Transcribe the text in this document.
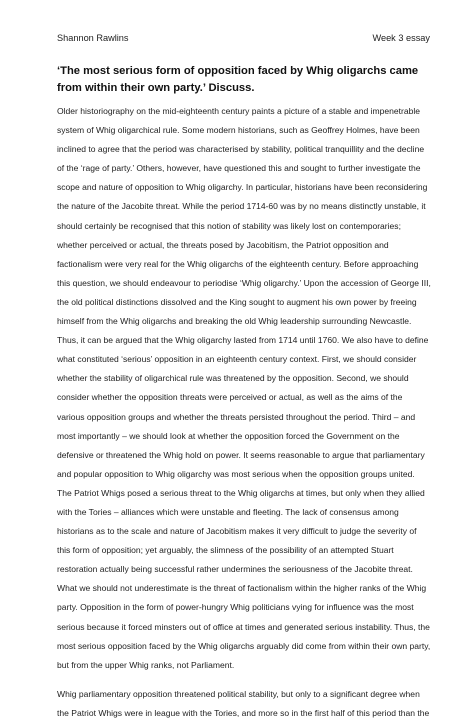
Shannon Rawlins	Week 3 essay
‘The most serious form of opposition faced by Whig oligarchs came from within their own party.’ Discuss.

Older historiography on the mid-eighteenth century paints a picture of a stable and impenetrable system of Whig oligarchical rule. Some modern historians, such as Geoffrey Holmes, have been inclined to agree that the period was characterised by stability, political tranquillity and the decline of the ‘rage of party.’ Others, however, have questioned this and sought to further investigate the scope and nature of opposition to Whig oligarchy. In particular, historians have been reconsidering the nature of the Jacobite threat. While the period 1714-60 was by no means distinctly unstable, it should certainly be recognised that this notion of stability was likely lost on contemporaries; whether perceived or actual, the threats posed by Jacobitism, the Patriot opposition and factionalism were very real for the Whig oligarchs of the eighteenth century. Before approaching this question, we should endeavour to periodise ‘Whig oligarchy.’ Upon the accession of George III, the old political distinctions dissolved and the King sought to augment his own power by freeing himself from the Whig oligarchs and breaking the old Whig leadership surrounding Newcastle. Thus, it can be argued that the Whig oligarchy lasted from 1714 until 1760. We also have to define what constituted ‘serious’ opposition in an eighteenth century context. First, we should consider whether the stability of oligarchical rule was threatened by the opposition. Second, we should consider whether the opposition threats were perceived or actual, as well as the aims of the various opposition groups and whether the threats persisted throughout the period. Third – and most importantly – we should look at whether the opposition forced the Government on the defensive or threatened the Whig hold on power. It seems reasonable to argue that parliamentary and popular opposition to Whig oligarchy was most serious when the opposition groups united. The Patriot Whigs posed a serious threat to the Whig oligarchs at times, but only when they allied with the Tories – alliances which were unstable and fleeting. The lack of consensus among historians as to the scale and nature of Jacobitism makes it very difficult to judge the severity of this form of opposition; yet arguably, the slimness of the possibility of an attempted Stuart restoration actually being successful rather undermines the seriousness of the Jacobite threat. What we should not underestimate is the threat of factionalism within the higher ranks of the Whig party. Opposition in the form of power-hungry Whig politicians vying for influence was the most serious because it forced minsters out of office at times and generated serious instability. Thus, the most serious opposition faced by the Whig oligarchs arguably did come from within their own party, but from the upper Whig ranks, not Parliament.

Whig parliamentary opposition threatened political stability, but only to a significant degree when the Patriot Whigs were in league with the Tories, and more so in the first half of this period than the
